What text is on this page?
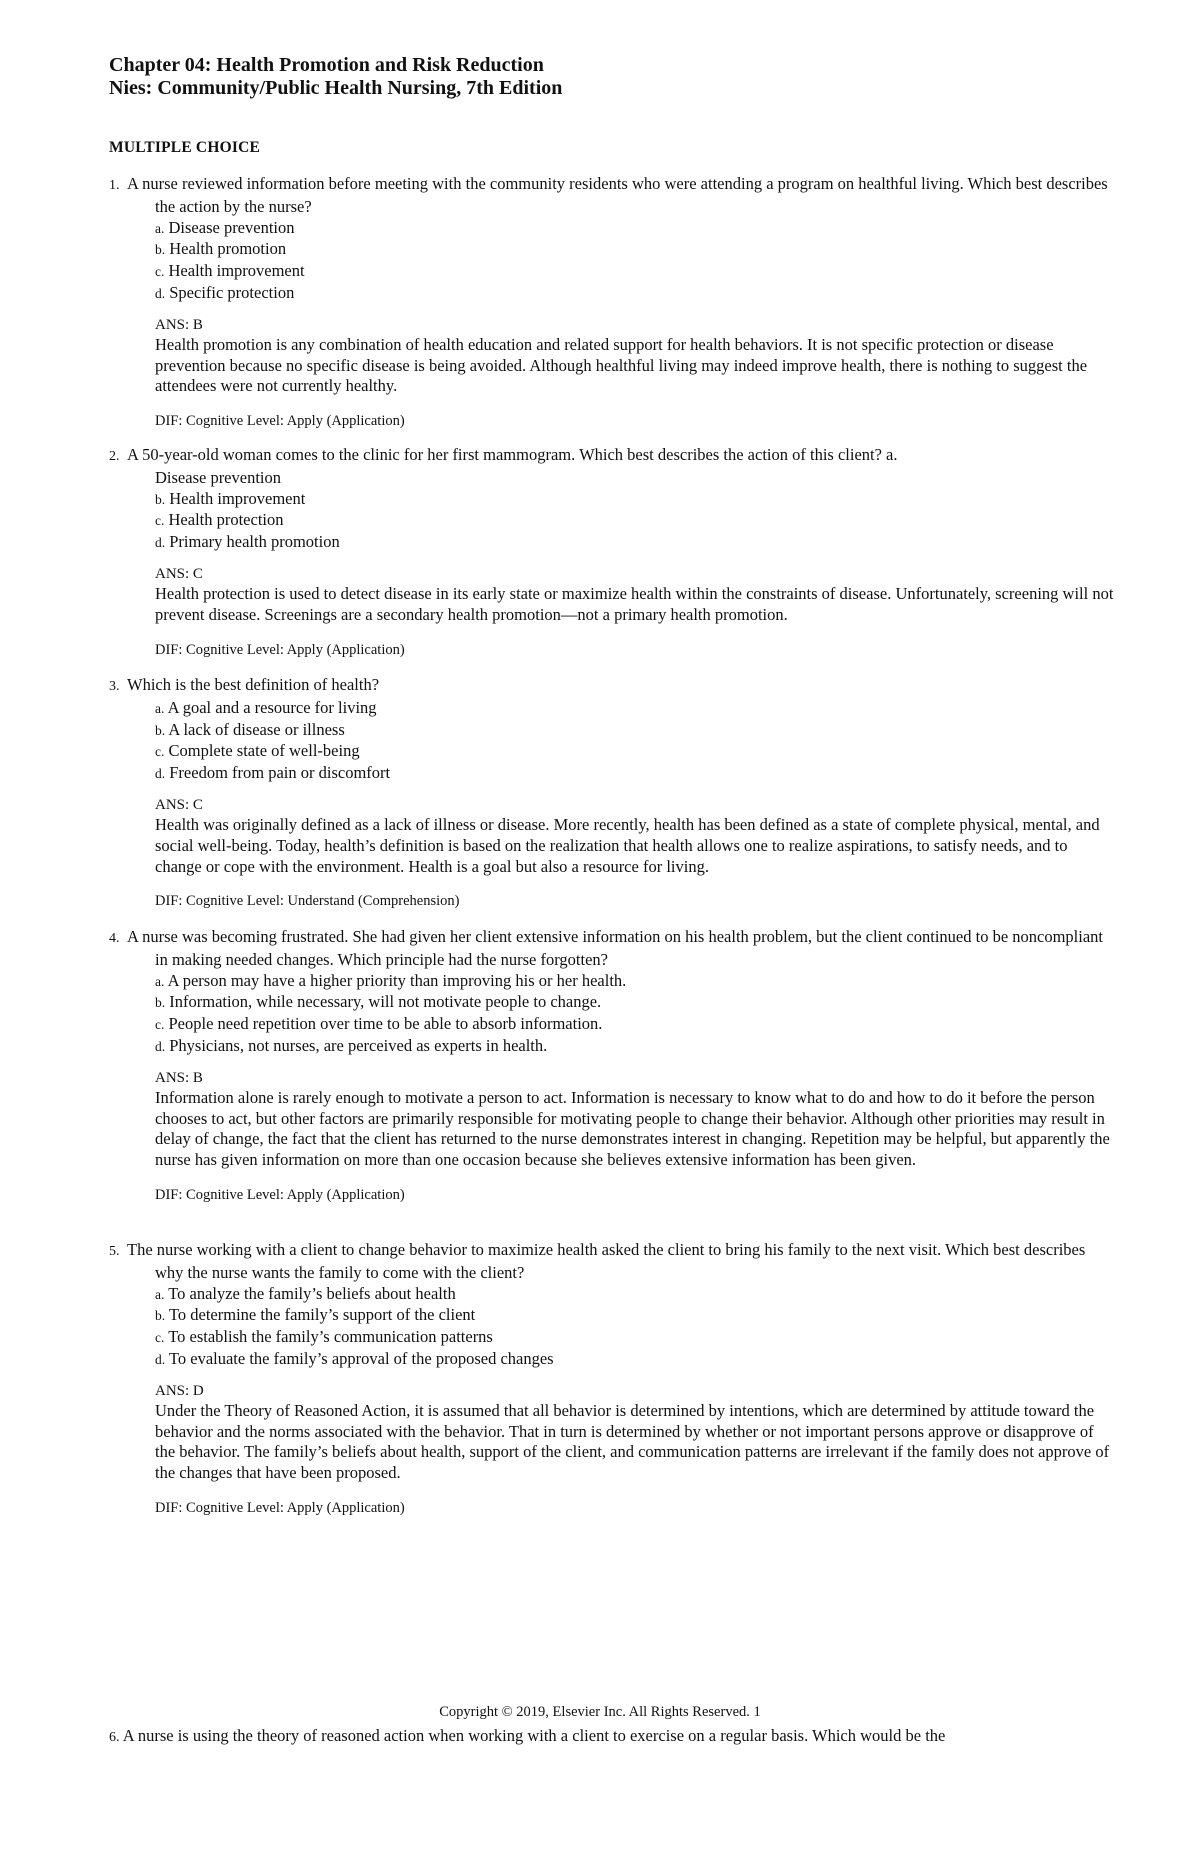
Chapter 04: Health Promotion and Risk Reduction
Nies: Community/Public Health Nursing, 7th Edition
MULTIPLE CHOICE

1. A nurse reviewed information before meeting with the community residents who were attending a program on healthful living. Which best describes the action by the nurse?

a. Disease prevention

b. Health promotion

c. Health improvement

d. Specific protection

ANS: B

Health promotion is any combination of health education and related support for health behaviors. It is not specific protection or disease prevention because no specific disease is being avoided. Although healthful living may indeed improve health, there is nothing to suggest the attendees were not currently healthy.

DIF: Cognitive Level: Apply (Application)

2. A 50-year-old woman comes to the clinic for her first mammogram. Which best describes the action of this client? a.

Disease prevention

b. Health improvement

c. Health protection

d. Primary health promotion

ANS: C

Health protection is used to detect disease in its early state or maximize health within the constraints of disease. Unfortunately, screening will not prevent disease. Screenings are a secondary health promotion—not a primary health promotion.

DIF: Cognitive Level: Apply (Application)

3. Which is the best definition of health?

a. A goal and a resource for living

b. A lack of disease or illness

c. Complete state of well-being

d. Freedom from pain or discomfort

ANS: C

Health was originally defined as a lack of illness or disease. More recently, health has been defined as a state of complete physical, mental, and social well-being. Today, health’s definition is based on the realization that health allows one to realize aspirations, to satisfy needs, and to change or cope with the environment. Health is a goal but also a resource for living.

DIF: Cognitive Level: Understand (Comprehension)

4. A nurse was becoming frustrated. She had given her client extensive information on his health problem, but the client continued to be noncompliant in making needed changes. Which principle had the nurse forgotten?

a. A person may have a higher priority than improving his or her health.

b. Information, while necessary, will not motivate people to change.

c. People need repetition over time to be able to absorb information.

d. Physicians, not nurses, are perceived as experts in health.

ANS: B

Information alone is rarely enough to motivate a person to act. Information is necessary to know what to do and how to do it before the person chooses to act, but other factors are primarily responsible for motivating people to change their behavior. Although other priorities may result in delay of change, the fact that the client has returned to the nurse demonstrates interest in changing. Repetition may be helpful, but apparently the nurse has given information on more than one occasion because she believes extensive information has been given.

DIF: Cognitive Level: Apply (Application)

5. The nurse working with a client to change behavior to maximize health asked the client to bring his family to the next visit. Which best describes why the nurse wants the family to come with the client?

a. To analyze the family’s beliefs about health

b. To determine the family’s support of the client

c. To establish the family’s communication patterns

d. To evaluate the family’s approval of the proposed changes

ANS: D

Under the Theory of Reasoned Action, it is assumed that all behavior is determined by intentions, which are determined by attitude toward the behavior and the norms associated with the behavior. That in turn is determined by whether or not important persons approve or disapprove of the behavior. The family’s beliefs about health, support of the client, and communication patterns are irrelevant if the family does not approve of the changes that have been proposed.

DIF: Cognitive Level: Apply (Application)

Copyright © 2019, Elsevier Inc. All Rights Reserved. 1
6. A nurse is using the theory of reasoned action when working with a client to exercise on a regular basis. Which would be the
